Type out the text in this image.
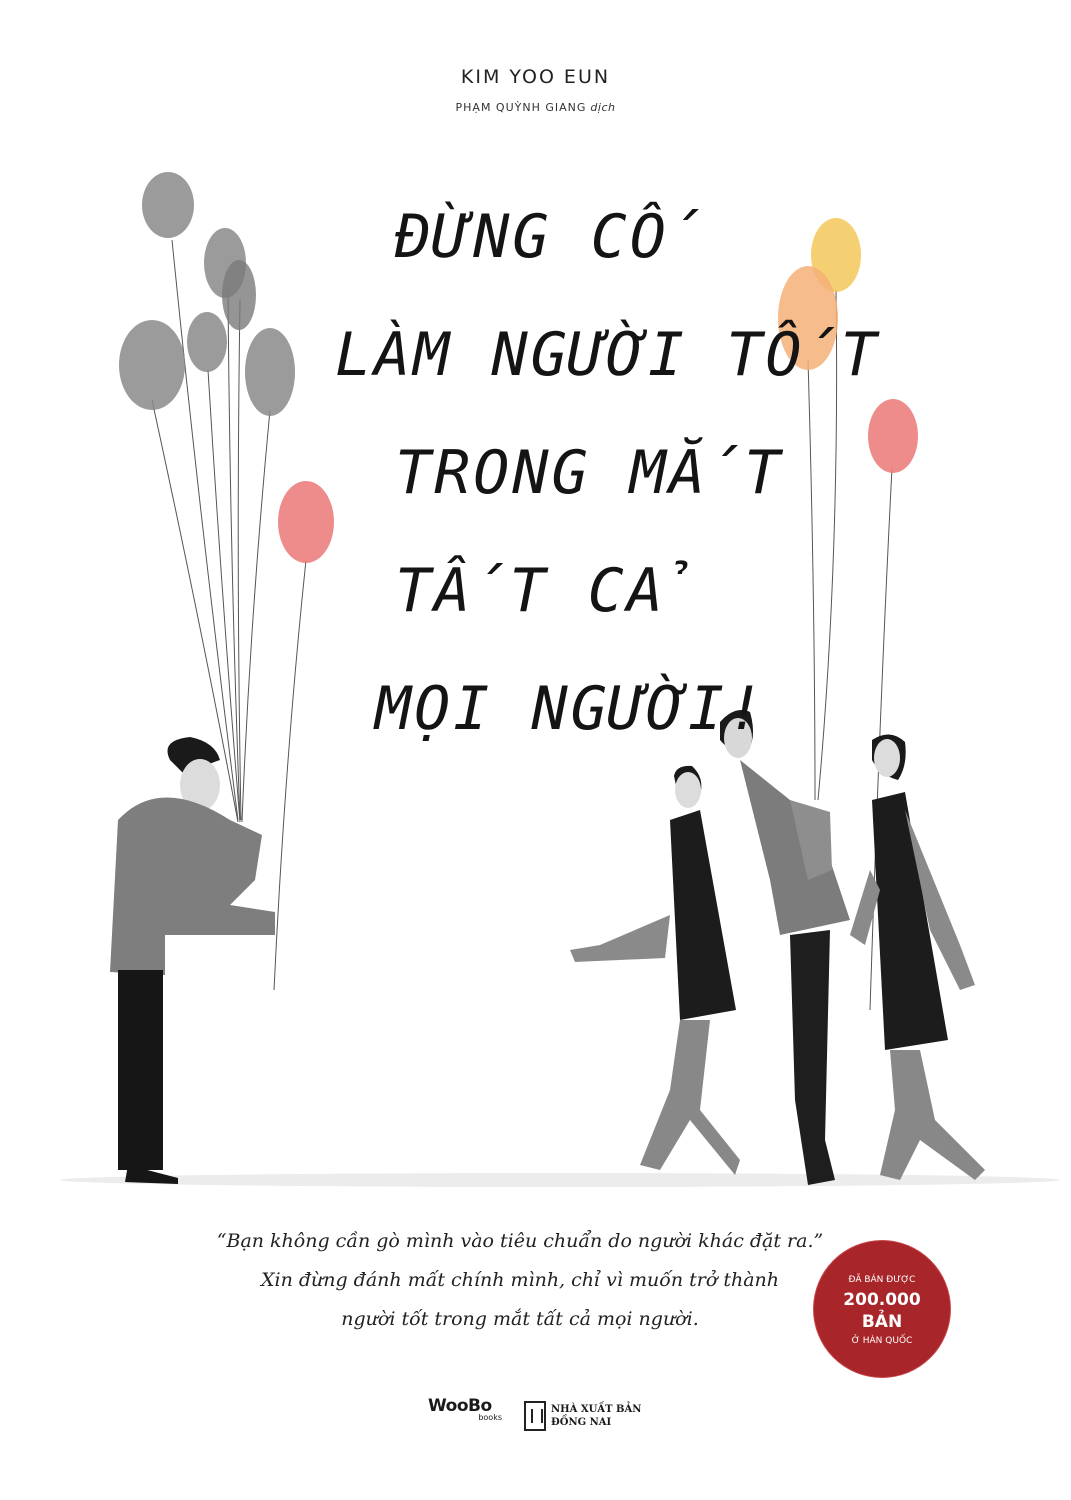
KIM YOO EUN
PHẠM QUỲNH GIANG dịch
ĐỪNG CỐ
LÀM NGƯỜI TỐT
TRONG MẮT
TẤT CẢ
MỌI NGƯỜI!
“Bạn không cần gò mình vào tiêu chuẩn do người khác đặt ra.”
Xin đừng đánh mất chính mình, chỉ vì muốn trở thành
người tốt trong mắt tất cả mọi người.
ĐÃ BÁN ĐƯỢC
200.000
BẢN
Ở HÀN QUỐC
WooBo
books
NHÀ XUẤT BẢN
ĐỒNG NAI
